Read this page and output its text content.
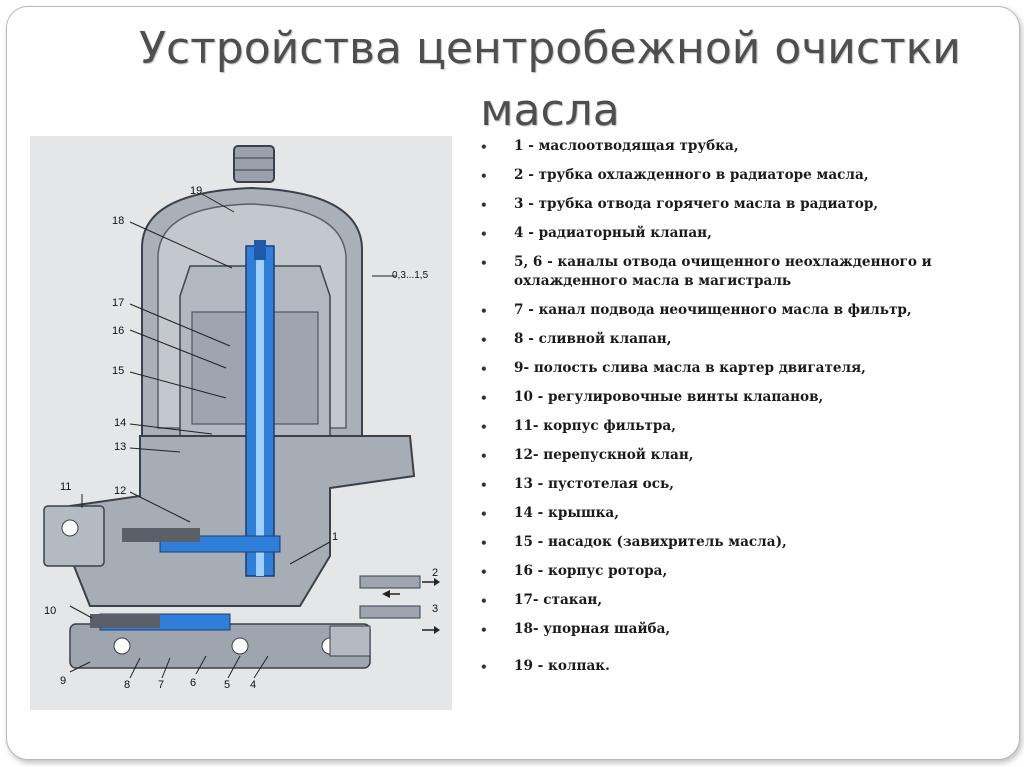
Устройства центробежной очистки масла
19
18
17
16
15
14
13
12
11
10
9	8	7 6	5 4
3
2
1
0,3...1,5
• 1 - маслоотводящая трубка,
• 2 - трубка охлажденного в радиаторе масла,
• 3 - трубка отвода горячего масла в радиатор,
• 4 - радиаторный клапан,
• 5, 6 - каналы отвода очищенного неохлажденного и охлажденного масла в магистраль
• 7 - канал подвода неочищенного масла в фильтр,
• 8 - сливной клапан,
• 9- полость слива масла в картер двигателя,
• 10 - регулировочные винты клапанов,
• 11- корпус фильтра,
• 12- перепускной клан,
• 13 - пустотелая ось,
• 14 - крышка,
• 15 - насадок (завихритель масла),
• 16 - корпус ротора,
• 17- стакан,
• 18- упорная шайба,
• 19 - колпак.
